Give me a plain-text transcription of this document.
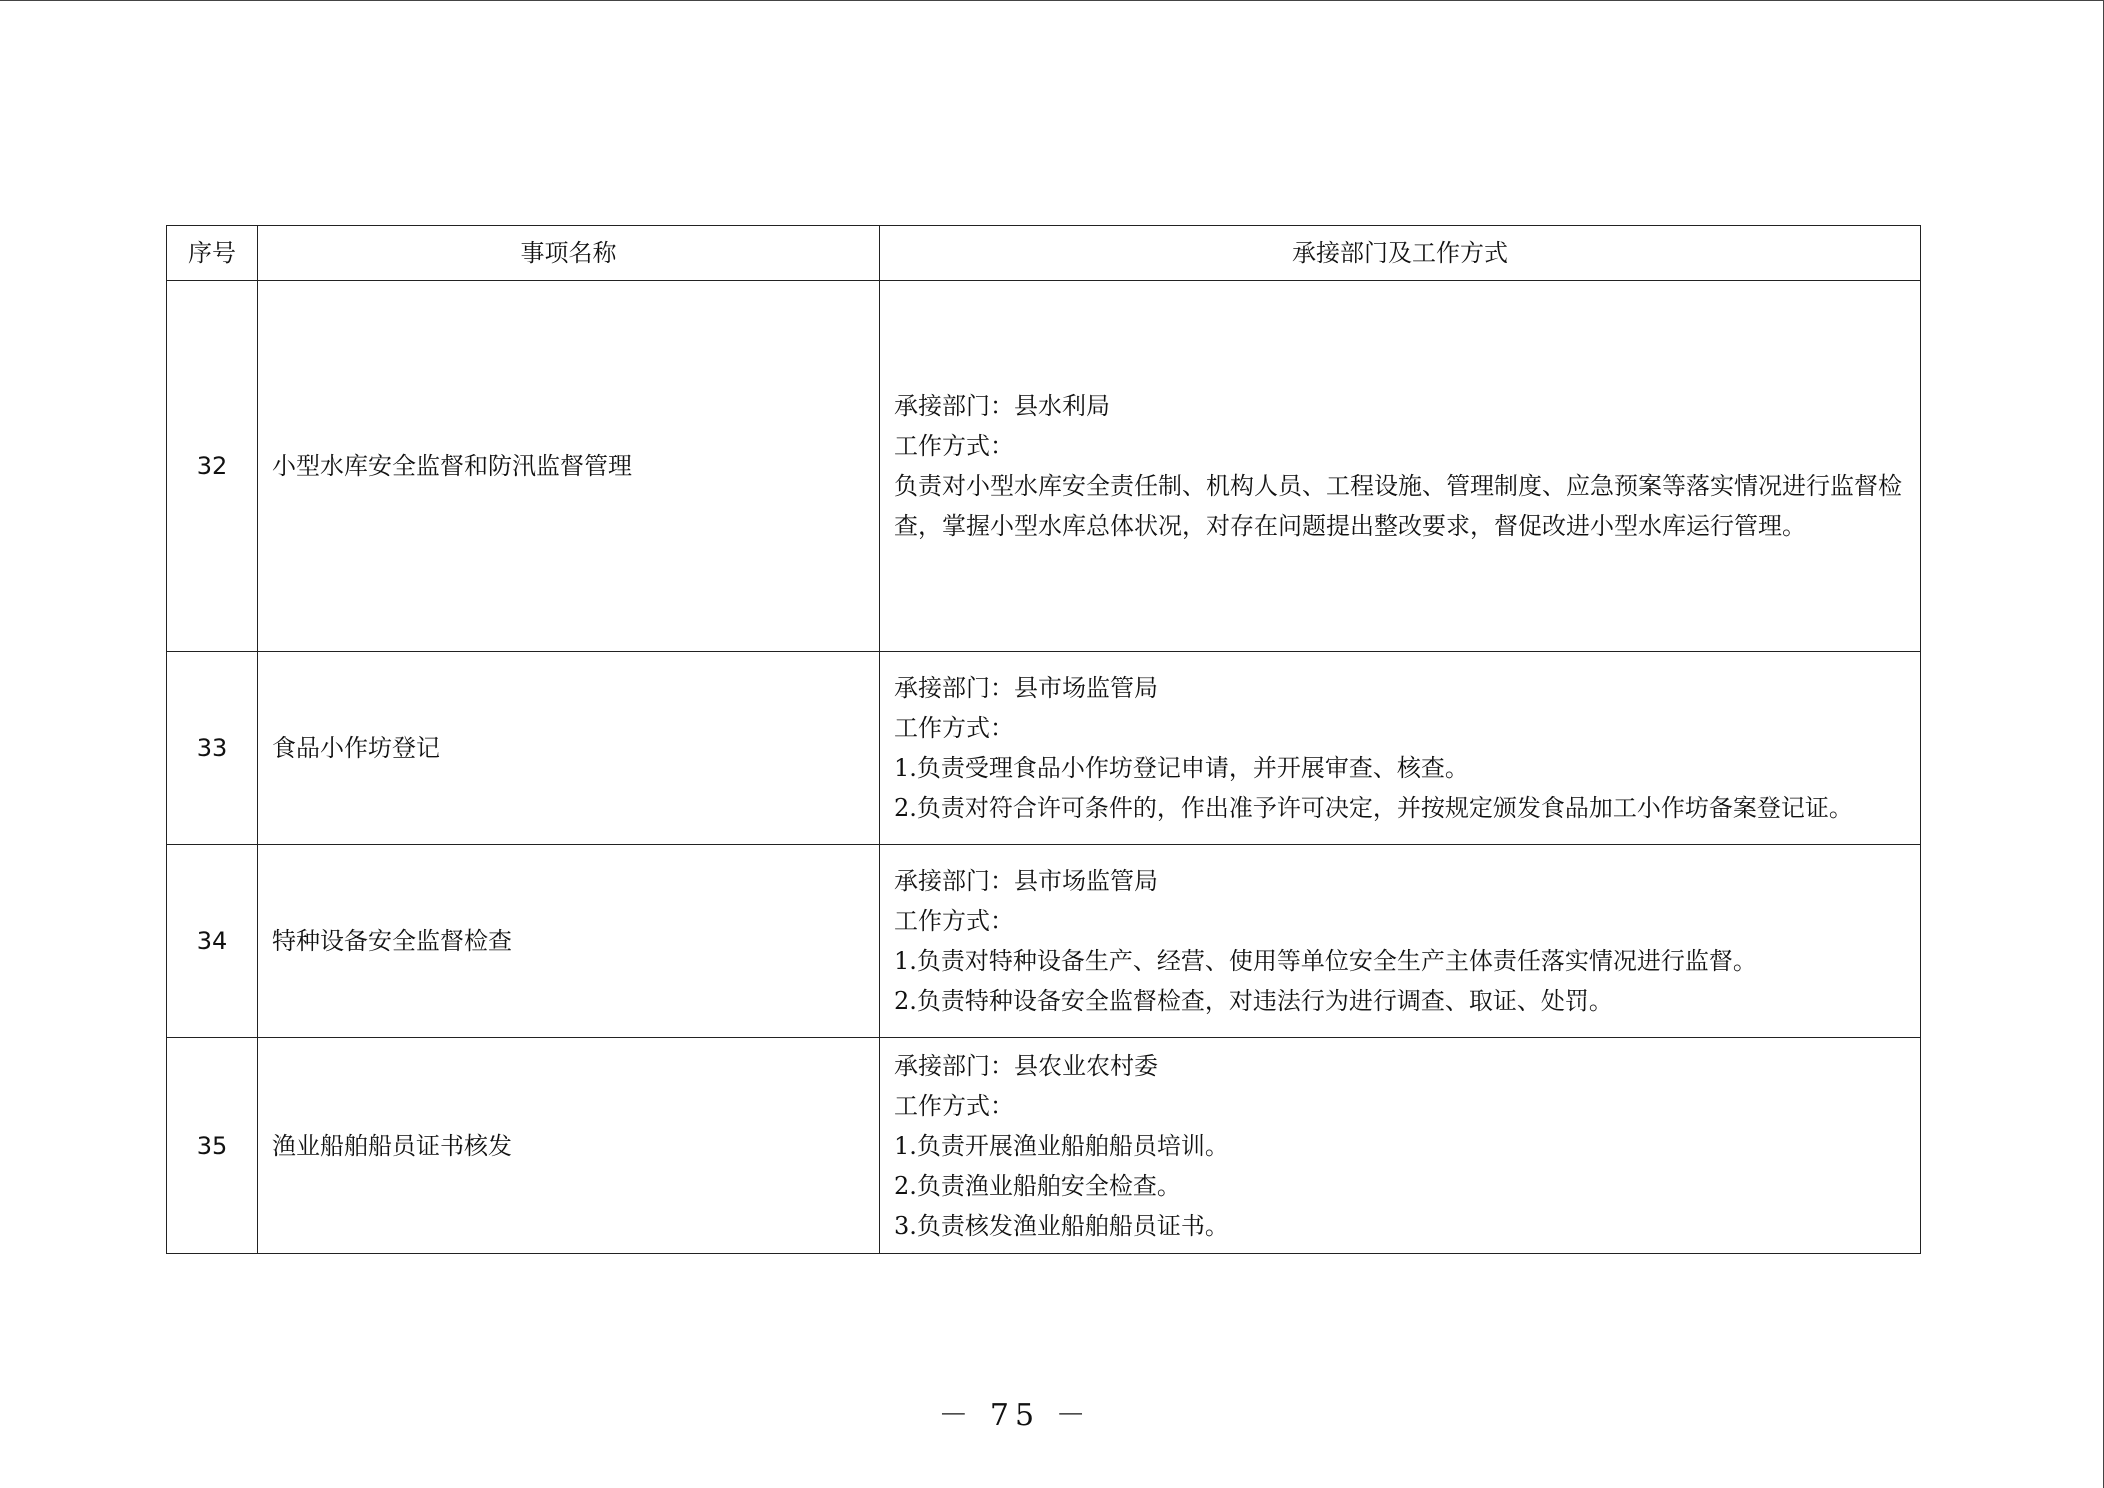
序号	事项名称	承接部门及工作方式
32	小型水库安全监督和防汛监督管理	承接部门：县水利局
工作方式：
负责对小型水库安全责任制、机构人员、工程设施、管理制度、应急预案等落实情况进行监督检查，掌握小型水库总体状况，对存在问题提出整改要求，督促改进小型水库运行管理。

33	食品小作坊登记	承接部门：县市场监管局
工作方式：
1.负责受理食品小作坊登记申请，并开展审查、核查。
2.负责对符合许可条件的，作出准予许可决定，并按规定颁发食品加工小作坊备案登记证。

34	特种设备安全监督检查	承接部门：县市场监管局
工作方式：
1.负责对特种设备生产、经营、使用等单位安全生产主体责任落实情况进行监督。
2.负责特种设备安全监督检查，对违法行为进行调查、取证、处罚。

35	渔业船舶船员证书核发	承接部门：县农业农村委
工作方式：
1.负责开展渔业船舶船员培训。
2.负责渔业船舶安全检查。
3.负责核发渔业船舶船员证书。
－ 75 －
